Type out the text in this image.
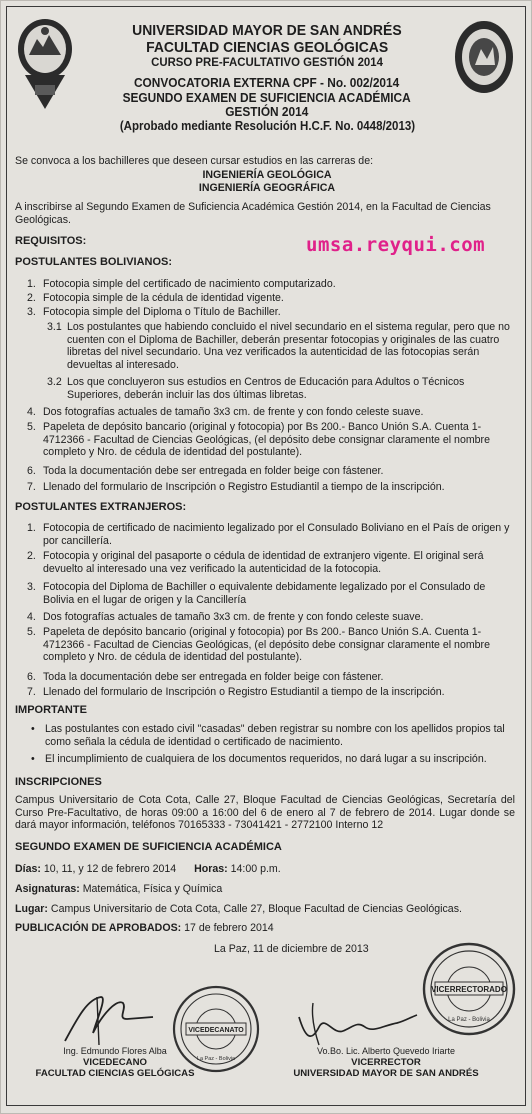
UNIVERSIDAD MAYOR DE SAN ANDRÉS
FACULTAD CIENCIAS GEOLÓGICAS
CURSO PRE-FACULTATIVO GESTIÓN 2014
CONVOCATORIA EXTERNA CPF - No. 002/2014
SEGUNDO EXAMEN DE SUFICIENCIA ACADÉMICA
GESTIÓN 2014
(Aprobado mediante Resolución H.C.F. No. 0448/2013)
Se convoca a los bachilleres que deseen cursar estudios en las carreras de:
INGENIERÍA GEOLÓGICA
INGENIERÍA GEOGRÁFICA
A inscribirse al Segundo Examen de Suficiencia Académica Gestión 2014, en la Facultad de Ciencias Geológicas.
REQUISITOS:	umsa.reyqui.com
POSTULANTES BOLIVIANOS:
1. Fotocopia simple del certificado de nacimiento computarizado.
2. Fotocopia simple de la cédula de identidad vigente.
3. Fotocopia simple del Diploma o Título de Bachiller.
3.1 Los postulantes que habiendo concluido el nivel secundario en el sistema regular, pero que no cuenten con el Diploma de Bachiller, deberán presentar fotocopias y originales de las cuatro libretas del nivel secundario. Una vez verificados la autenticidad de las fotocopias serán devueltas al interesado.
3.2 Los que concluyeron sus estudios en Centros de Educación para Adultos o Técnicos Superiores, deberán incluir las dos últimas libretas.
4. Dos fotografías actuales de tamaño 3x3 cm. de frente y con fondo celeste suave.
5. Papeleta de depósito bancario (original y fotocopia) por Bs 200.- Banco Unión S.A. Cuenta 1-4712366 - Facultad de Ciencias Geológicas, (el depósito debe consignar claramente el nombre completo y Nro. de cédula de identidad del postulante).
6. Toda la documentación debe ser entregada en folder beige con fástener.
7. Llenado del formulario de Inscripción o Registro Estudiantil a tiempo de la inscripción.
POSTULANTES EXTRANJEROS:
1. Fotocopia de certificado de nacimiento legalizado por el Consulado Boliviano en el País de origen y por cancillería.
2. Fotocopia y original del pasaporte o cédula de identidad de extranjero vigente. El original será devuelto al interesado una vez verificado la autenticidad de la fotocopia.
3. Fotocopia del Diploma de Bachiller o equivalente debidamente legalizado por el Consulado de Bolivia en el lugar de origen y la Cancillería
4. Dos fotografías actuales de tamaño 3x3 cm. de frente y con fondo celeste suave.
5. Papeleta de depósito bancario (original y fotocopia) por Bs 200.- Banco Unión S.A. Cuenta 1-4712366 - Facultad de Ciencias Geológicas, (el depósito debe consignar claramente el nombre completo y Nro. de cédula de identidad del postulante).
6. Toda la documentación debe ser entregada en folder beige con fástener.
7. Llenado del formulario de Inscripción o Registro Estudiantil a tiempo de la inscripción.
IMPORTANTE
• Las postulantes con estado civil "casadas" deben registrar su nombre con los apellidos propios tal como señala la cédula de identidad o certificado de nacimiento.
• El incumplimiento de cualquiera de los documentos requeridos, no dará lugar a su inscripción.
INSCRIPCIONES
Campus Universitario de Cota Cota, Calle 27, Bloque Facultad de Ciencias Geológicas, Secretaría del Curso Pre-Facultativo, de horas 09:00 a 16:00 del 6 de enero al 7 de febrero de 2014. Lugar donde se dará mayor información, teléfonos 70165333 - 73041421 - 2772100 Interno 12
SEGUNDO EXAMEN DE SUFICIENCIA ACADÉMICA
Días: 10, 11, y 12 de febrero 2014 Horas: 14:00 p.m.
Asignaturas: Matemática, Física y Química
Lugar: Campus Universitario de Cota Cota, Calle 27, Bloque Facultad de Ciencias Geológicas.
PUBLICACIÓN DE APROBADOS: 17 de febrero 2014
La Paz, 11 de diciembre de 2013
VICERRECTORADO
La Paz - Bolivia
VICEDECANATO
La Paz - Bolivia
Ing. Edmundo Flores Alba
VICEDECANO
FACULTAD CIENCIAS GELÓGICAS
Vo.Bo. Lic. Alberto Quevedo Iriarte
VICERRECTOR
UNIVERSIDAD MAYOR DE SAN ANDRÉS
